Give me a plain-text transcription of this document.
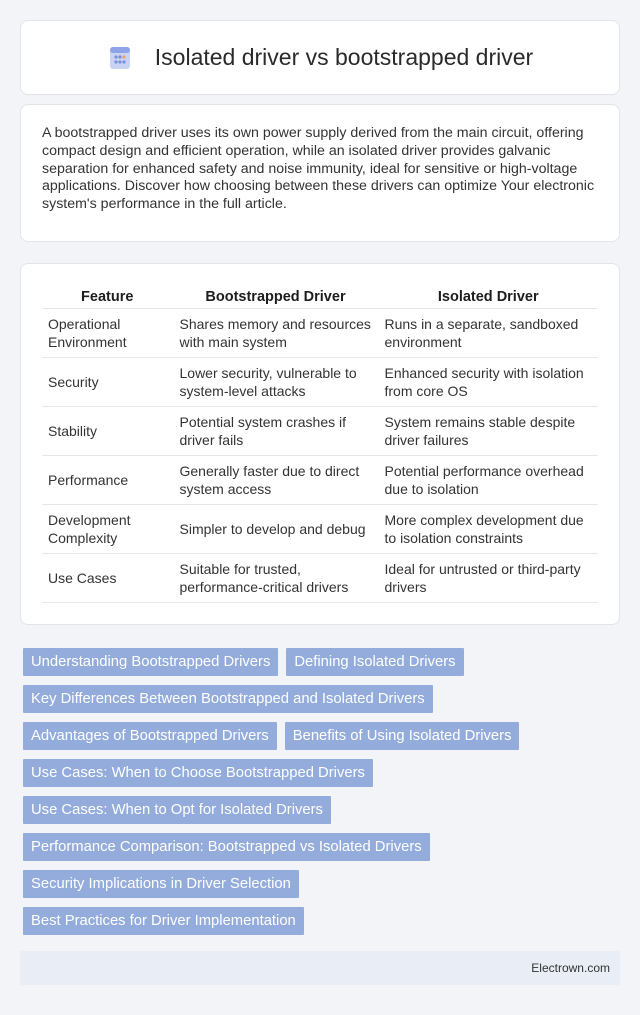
Isolated driver vs bootstrapped driver

A bootstrapped driver uses its own power supply derived from the main circuit, offering compact design and efficient operation, while an isolated driver provides galvanic separation for enhanced safety and noise immunity, ideal for sensitive or high-voltage applications. Discover how choosing between these drivers can optimize Your electronic system's performance in the full article.

Feature	Bootstrapped Driver	Isolated Driver
Operational Environment	Shares memory and resources with main system	Runs in a separate, sandboxed environment
Security	Lower security, vulnerable to system-level attacks	Enhanced security with isolation from core OS
Stability	Potential system crashes if driver fails	System remains stable despite driver failures
Performance	Generally faster due to direct system access	Potential performance overhead due to isolation
Development Complexity	Simpler to develop and debug	More complex development due to isolation constraints
Use Cases	Suitable for trusted, performance-critical drivers	Ideal for untrusted or third-party drivers
Understanding Bootstrapped Drivers	Defining Isolated Drivers
Key Differences Between Bootstrapped and Isolated Drivers
Advantages of Bootstrapped Drivers	Benefits of Using Isolated Drivers
Use Cases: When to Choose Bootstrapped Drivers
Use Cases: When to Opt for Isolated Drivers
Performance Comparison: Bootstrapped vs Isolated Drivers
Security Implications in Driver Selection
Best Practices for Driver Implementation
Electrown.com
